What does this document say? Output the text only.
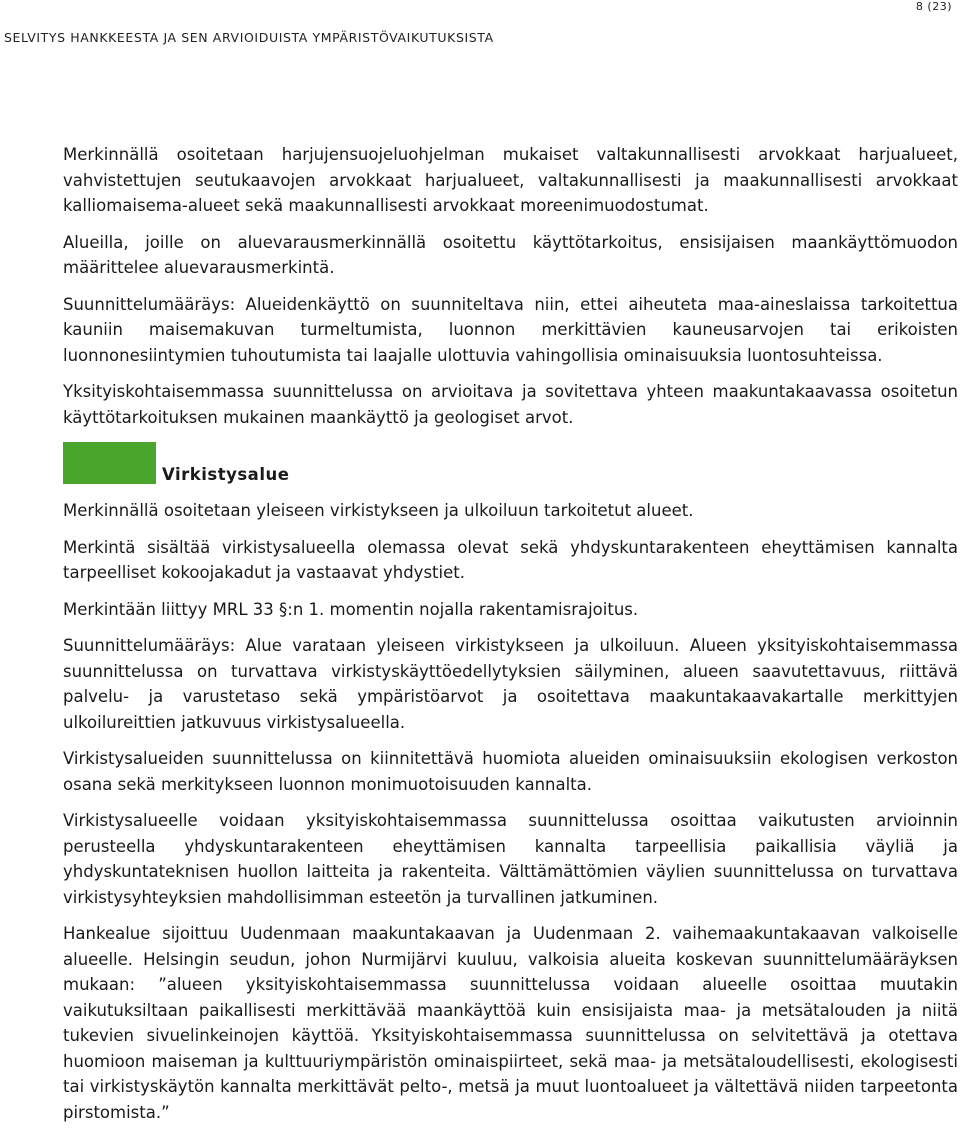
8 (23)
SELVITYS HANKKEESTA JA SEN ARVIOIDUISTA YMPÄRISTÖVAIKUTUKSISTA

Merkinnällä osoitetaan harjujensuojeluohjelman mukaiset valtakunnallisesti arvokkaat harjualueet, vahvistettujen seutukaavojen arvokkaat harjualueet, valtakunnallisesti ja maakunnallisesti arvokkaat kalliomaisema-alueet sekä maakunnallisesti arvokkaat moreenimuodostumat.

Alueilla, joille on aluevarausmerkinnällä osoitettu käyttötarkoitus, ensisijaisen maankäyttömuodon määrittelee aluevarausmerkintä.

Suunnittelumääräys: Alueidenkäyttö on suunniteltava niin, ettei aiheuteta maa-aineslaissa tarkoitettua kauniin maisemakuvan turmeltumista, luonnon merkittävien kauneusarvojen tai erikoisten luonnonesiintymien tuhoutumista tai laajalle ulottuvia vahingollisia ominaisuuksia luontosuhteissa.

Yksityiskohtaisemmassa suunnittelussa on arvioitava ja sovitettava yhteen maakuntakaavassa osoitetun käyttötarkoituksen mukainen maankäyttö ja geologiset arvot.

Virkistysalue

Merkinnällä osoitetaan yleiseen virkistykseen ja ulkoiluun tarkoitetut alueet.

Merkintä sisältää virkistysalueella olemassa olevat sekä yhdyskuntarakenteen eheyttämisen kannalta tarpeelliset kokoojakadut ja vastaavat yhdystiet.

Merkintään liittyy MRL 33 §:n 1. momentin nojalla rakentamisrajoitus.

Suunnittelumääräys: Alue varataan yleiseen virkistykseen ja ulkoiluun. Alueen yksityiskohtaisemmassa suunnittelussa on turvattava virkistyskäyttöedellytyksien säilyminen, alueen saavutettavuus, riittävä palvelu- ja varustetaso sekä ympäristöarvot ja osoitettava maakuntakaavakartalle merkittyjen ulkoilureittien jatkuvuus virkistysalueella.

Virkistysalueiden suunnittelussa on kiinnitettävä huomiota alueiden ominaisuuksiin ekologisen verkoston osana sekä merkitykseen luonnon monimuotoisuuden kannalta.

Virkistysalueelle voidaan yksityiskohtaisemmassa suunnittelussa osoittaa vaikutusten arvioinnin perusteella yhdyskuntarakenteen eheyttämisen kannalta tarpeellisia paikallisia väyliä ja yhdyskuntateknisen huollon laitteita ja rakenteita. Välttämättömien väylien suunnittelussa on turvattava virkistysyhteyksien mahdollisimman esteetön ja turvallinen jatkuminen.

Hankealue sijoittuu Uudenmaan maakuntakaavan ja Uudenmaan 2. vaihemaakuntakaavan valkoiselle alueelle. Helsingin seudun, johon Nurmijärvi kuuluu, valkoisia alueita koskevan suunnittelumääräyksen mukaan: ”alueen yksityiskohtaisemmassa suunnittelussa voidaan alueelle osoittaa muutakin vaikutuksiltaan paikallisesti merkittävää maankäyttöä kuin ensisijaista maa- ja metsätalouden ja niitä tukevien sivuelinkeinojen käyttöä. Yksityiskohtaisemmassa suunnittelussa on selvitettävä ja otettava huomioon maiseman ja kulttuuriympäristön ominaispiirteet, sekä maa- ja metsätaloudellisesti, ekologisesti tai virkistyskäytön kannalta merkittävät pelto-, metsä ja muut luontoalueet ja vältettävä niiden tarpeetonta pirstomista.”
